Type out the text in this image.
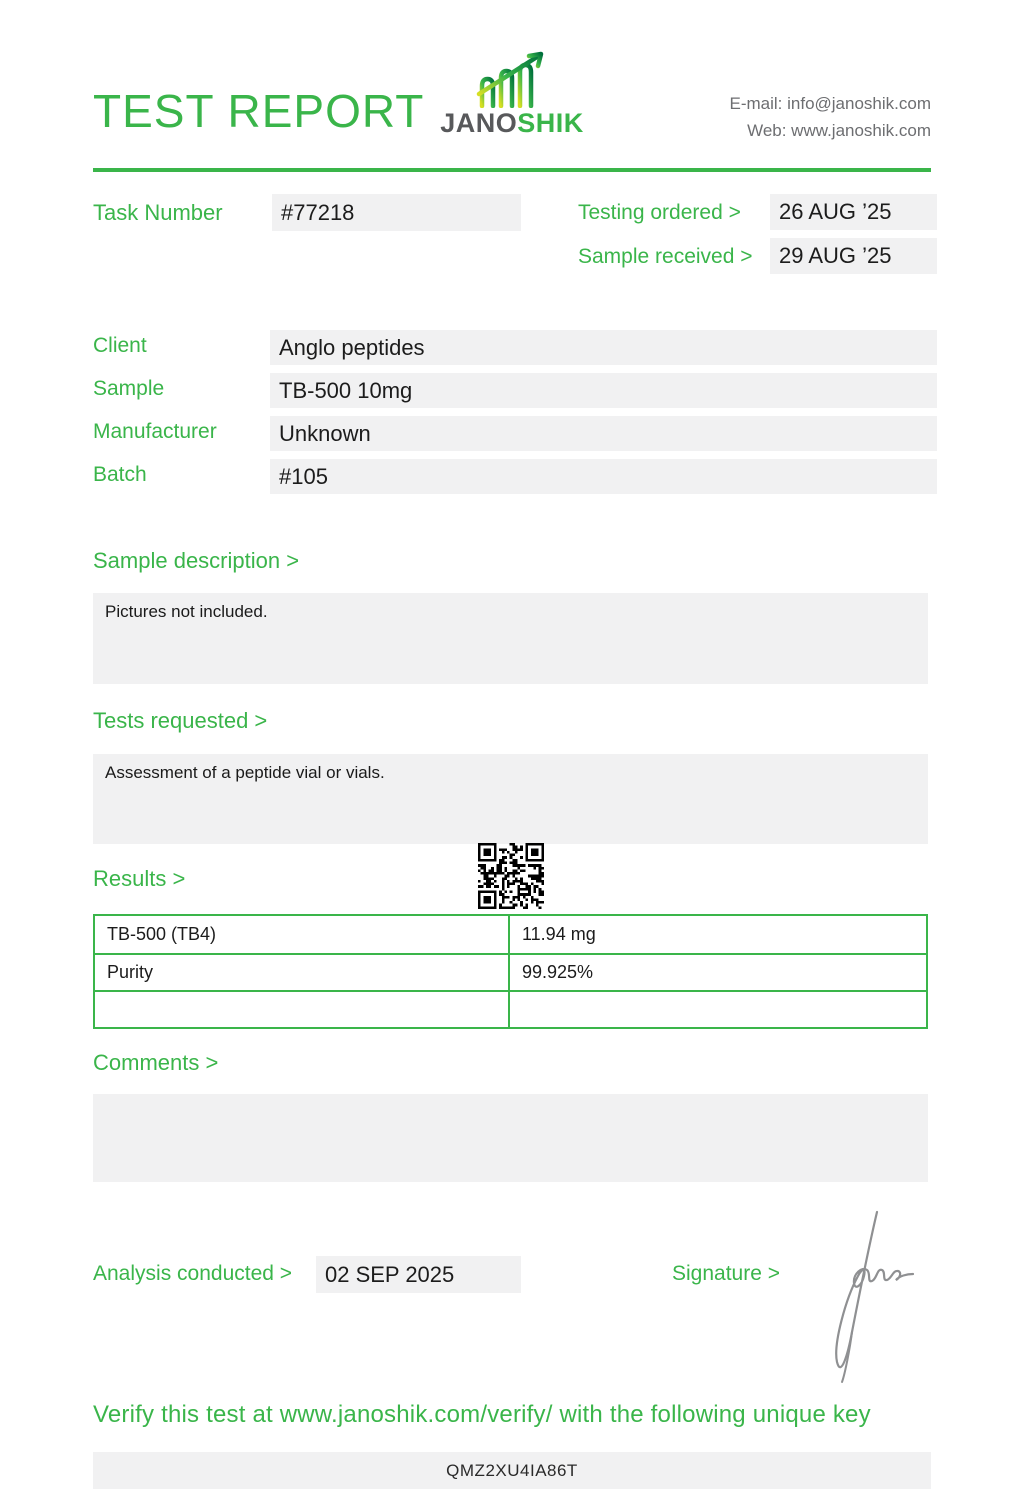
TEST REPORT JANOSHIK
E-mail: info@janoshik.com
Web: www.janoshik.com
Task Number	#77218	Testing ordered >	26 AUG ’25
Sample received >	29 AUG ’25
Client	Anglo peptides
Sample	TB-500 10mg
Manufacturer	Unknown
Batch	#105
Sample description >
Pictures not included.
Tests requested >
Assessment of a peptide vial or vials.
Results >
TB-500 (TB4)	11.94 mg
Purity	99.925%
Comments >
Analysis conducted >	02 SEP 2025	Signature >
Verify this test at www.janoshik.com/verify/ with the following unique key
QMZ2XU4IA86T
